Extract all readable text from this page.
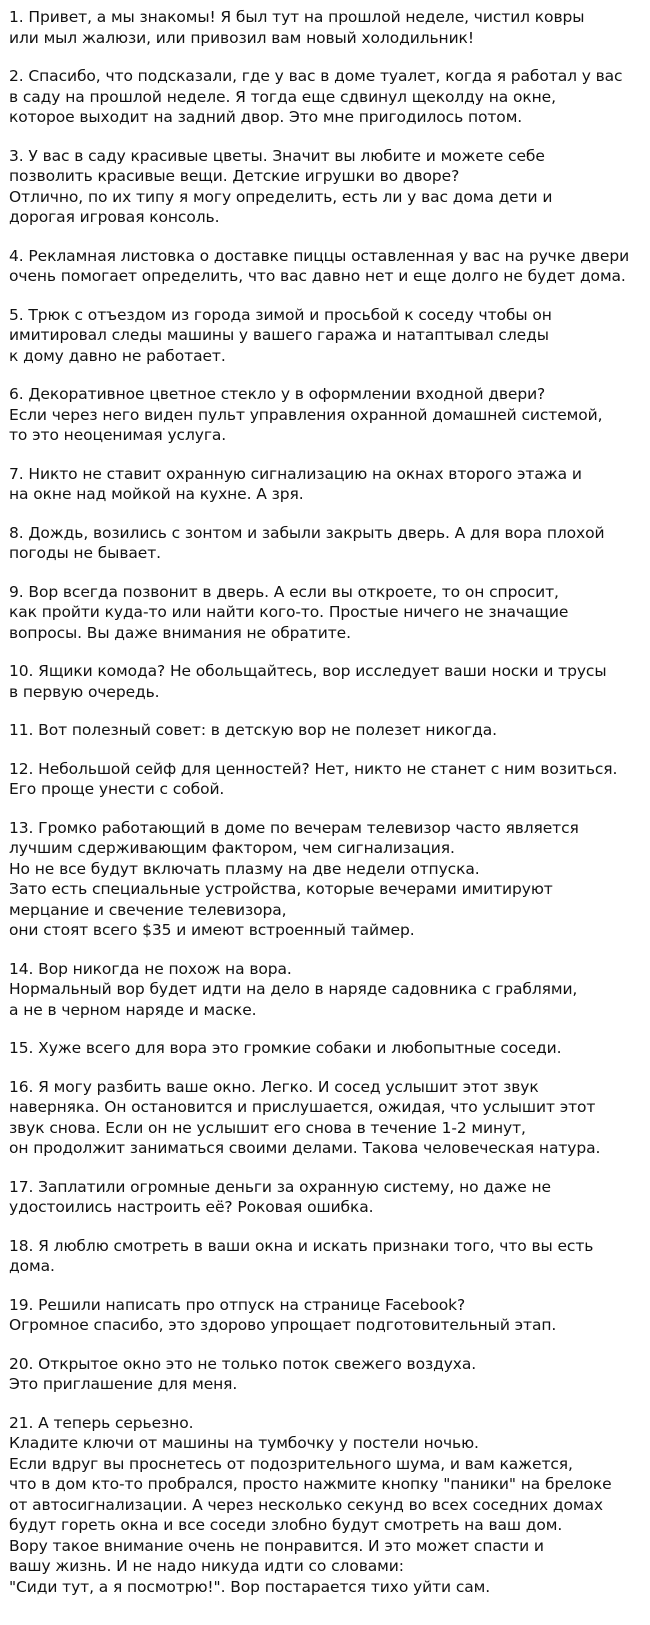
1. Привет, а мы знакомы! Я был тут на прошлой неделе, чистил ковры
или мыл жалюзи, или привозил вам новый холодильник!
2. Спасибо, что подсказали, где у вас в доме туалет, когда я работал у вас
в саду на прошлой неделе. Я тогда еще сдвинул щеколду на окне,
которое выходит на задний двор. Это мне пригодилось потом.
3. У вас в саду красивые цветы. Значит вы любите и можете себе
позволить красивые вещи. Детские игрушки во дворе?
Отлично, по их типу я могу определить, есть ли у вас дома дети и
дорогая игровая консоль.
4. Рекламная листовка о доставке пиццы оставленная у вас на ручке двери
очень помогает определить, что вас давно нет и еще долго не будет дома.
5. Трюк с отъездом из города зимой и просьбой к соседу чтобы он
имитировал следы машины у вашего гаража и натаптывал следы
к дому давно не работает.
6. Декоративное цветное стекло у в оформлении входной двери?
Если через него виден пульт управления охранной домашней системой,
то это неоценимая услуга.
7. Никто не ставит охранную сигнализацию на окнах второго этажа и
на окне над мойкой на кухне. А зря.
8. Дождь, возились с зонтом и забыли закрыть дверь. А для вора плохой
погоды не бывает.
9. Вор всегда позвонит в дверь. А если вы откроете, то он спросит,
как пройти куда-то или найти кого-то. Простые ничего не значащие
вопросы. Вы даже внимания не обратите.
10. Ящики комода? Не обольщайтесь, вор исследует ваши носки и трусы
в первую очередь.
11. Вот полезный совет: в детскую вор не полезет никогда.
12. Небольшой сейф для ценностей? Нет, никто не станет с ним возиться.
Его проще унести с собой.
13. Громко работающий в доме по вечерам телевизор часто является
лучшим сдерживающим фактором, чем сигнализация.
Но не все будут включать плазму на две недели отпуска.
Зато есть специальные устройства, которые вечерами имитируют
мерцание и свечение телевизора,
они стоят всего $35 и имеют встроенный таймер.
14. Вор никогда не похож на вора.
Нормальный вор будет идти на дело в наряде садовника с граблями,
а не в черном наряде и маске.
15. Хуже всего для вора это громкие собаки и любопытные соседи.
16. Я могу разбить ваше окно. Легко. И сосед услышит этот звук
наверняка. Он остановится и прислушается, ожидая, что услышит этот
звук снова. Если он не услышит его снова в течение 1-2 минут,
он продолжит заниматься своими делами. Такова человеческая натура.
17. Заплатили огромные деньги за охранную систему, но даже не
удостоились настроить её? Роковая ошибка.
18. Я люблю смотреть в ваши окна и искать признаки того, что вы есть
дома.
19. Решили написать про отпуск на странице Facebook?
Огромное спасибо, это здорово упрощает подготовительный этап.
20. Открытое окно это не только поток свежего воздуха.
Это приглашение для меня.
21. А теперь серьезно.
Кладите ключи от машины на тумбочку у постели ночью.
Если вдруг вы проснетесь от подозрительного шума, и вам кажется,
что в дом кто-то пробрался, просто нажмите кнопку "паники" на брелоке
от автосигнализации. А через несколько секунд во всех соседних домах
будут гореть окна и все соседи злобно будут смотреть на ваш дом.
Вору такое внимание очень не понравится. И это может спасти и
вашу жизнь. И не надо никуда идти со словами:
"Сиди тут, а я посмотрю!". Вор постарается тихо уйти сам.
